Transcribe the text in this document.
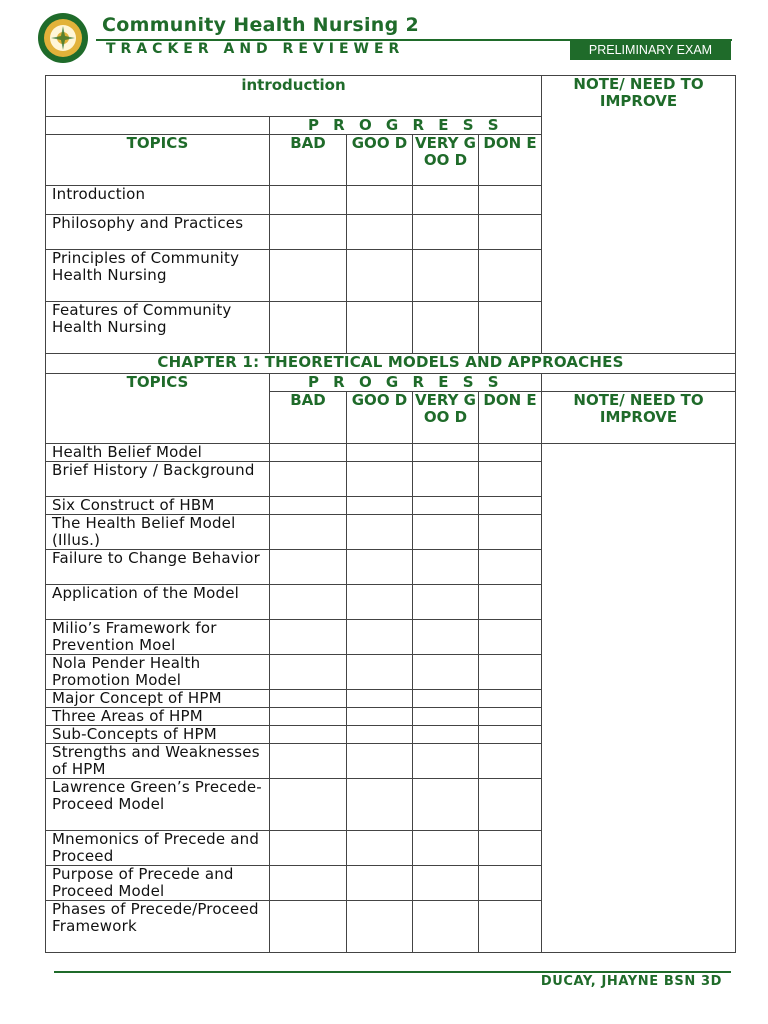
Community Health Nursing 2
TRACKER AND REVIEWER	PRELIMINARY EXAM
introduction					NOTE/ NEED TO IMPROVE
	P R O G R E S S				
TOPICS	BAD	GOO D	VERY GOO D	DON E	
Introduction					
Philosophy and Practices					
Principles of Community Health Nursing					
Features of Community Health Nursing					
CHAPTER 1: THEORETICAL MODELS AND APPROACHES					
TOPICS	P R O G R E S S				
	BAD	GOO D	VERY GOO D	DON E	NOTE/ NEED TO IMPROVE
Health Belief Model					
Brief History / Background					
Six Construct of HBM					
The Health Belief Model (Illus.)					
Failure to Change Behavior					
Application of the Model					
Milio’s Framework for Prevention Moel					
Nola Pender Health Promotion Model					
Major Concept of HPM					
Three Areas of HPM					
Sub-Concepts of HPM					
Strengths and Weaknesses of HPM					
Lawrence Green’s Precede-Proceed Model					
Mnemonics of Precede and Proceed					
Purpose of Precede and Proceed Model					
Phases of Precede/Proceed Framework					
DUCAY, JHAYNE BSN 3D
